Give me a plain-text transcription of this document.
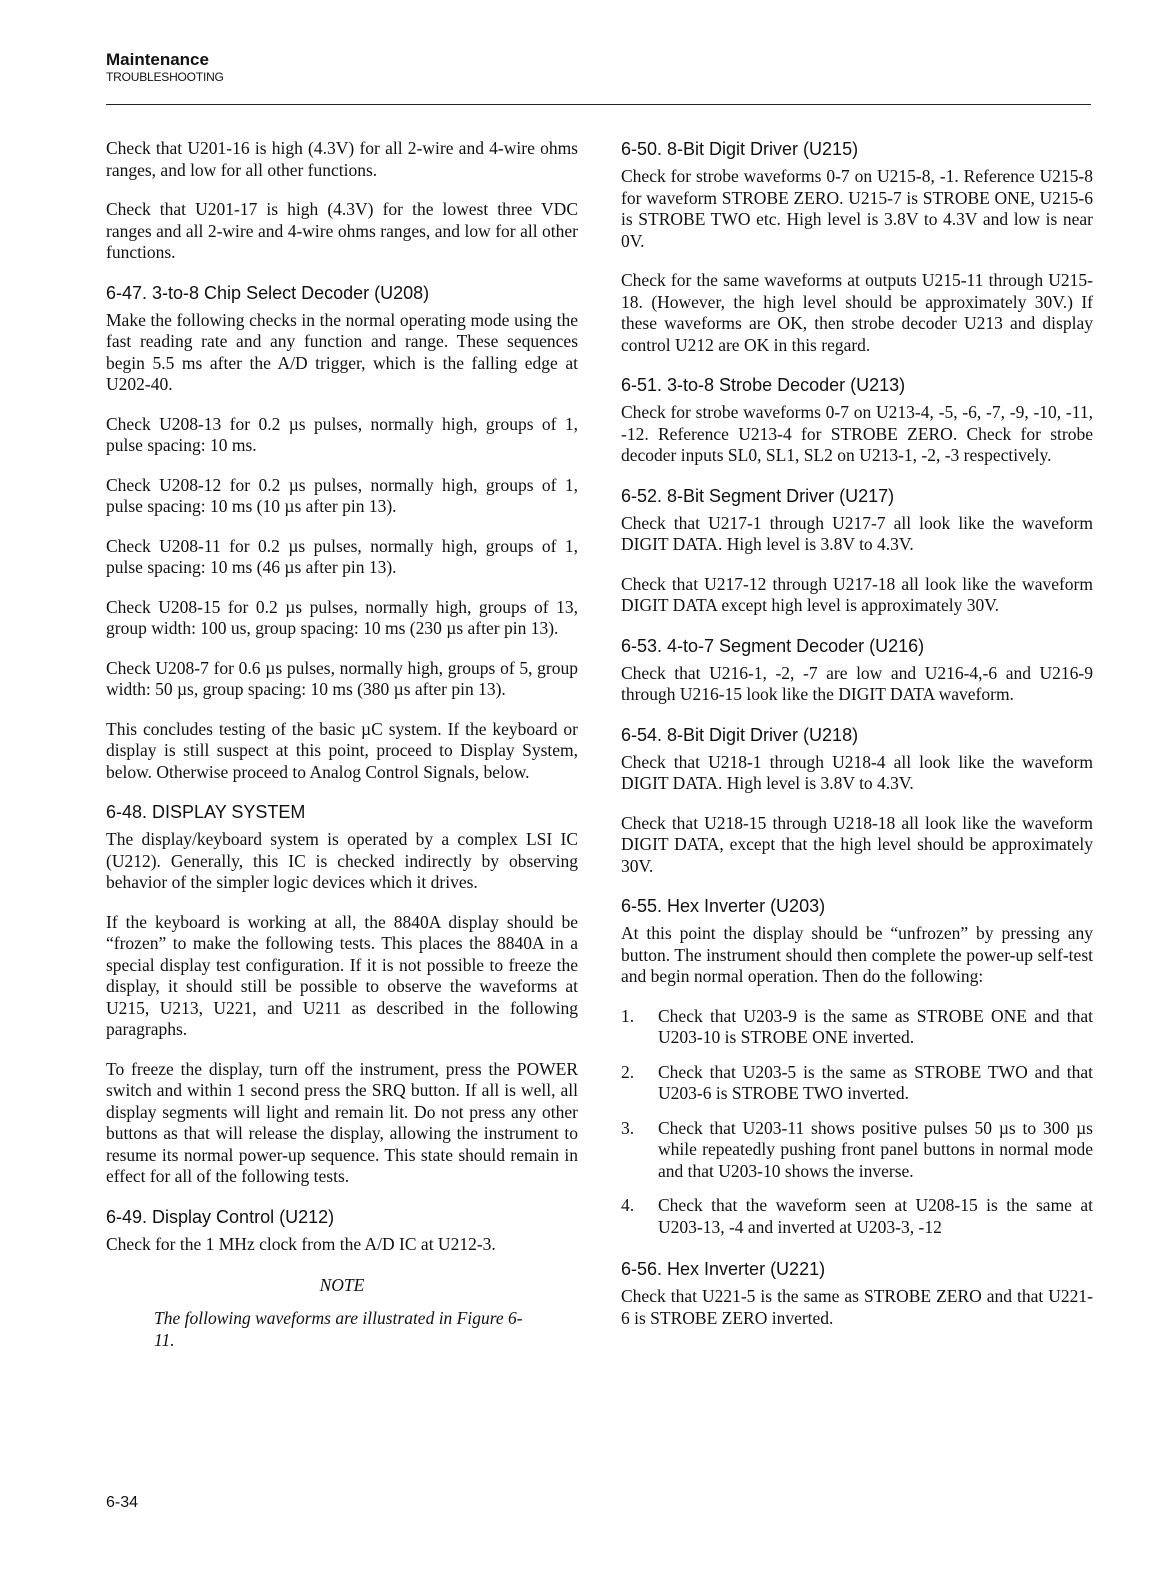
Maintenance
TROUBLESHOOTING

Check that U201-16 is high (4.3V) for all 2-wire and 4-wire ohms ranges, and low for all other functions.

Check that U201-17 is high (4.3V) for the lowest three VDC ranges and all 2-wire and 4-wire ohms ranges, and low for all other functions.

6-47. 3-to-8 Chip Select Decoder (U208)

Make the following checks in the normal operating mode using the fast reading rate and any function and range. These sequences begin 5.5 ms after the A/D trigger, which is the falling edge at U202-40.

Check U208-13 for 0.2 µs pulses, normally high, groups of 1, pulse spacing: 10 ms.

Check U208-12 for 0.2 µs pulses, normally high, groups of 1, pulse spacing: 10 ms (10 µs after pin 13).

Check U208-11 for 0.2 µs pulses, normally high, groups of 1, pulse spacing: 10 ms (46 µs after pin 13).

Check U208-15 for 0.2 µs pulses, normally high, groups of 13, group width: 100 us, group spacing: 10 ms (230 µs after pin 13).

Check U208-7 for 0.6 µs pulses, normally high, groups of 5, group width: 50 µs, group spacing: 10 ms (380 µs after pin 13).

This concludes testing of the basic µC system. If the keyboard or display is still suspect at this point, proceed to Display System, below. Otherwise proceed to Analog Control Signals, below.

6-48. DISPLAY SYSTEM

The display/keyboard system is operated by a complex LSI IC (U212). Generally, this IC is checked indirectly by observing behavior of the simpler logic devices which it drives.

If the keyboard is working at all, the 8840A display should be “frozen” to make the following tests. This places the 8840A in a special display test configuration. If it is not possible to freeze the display, it should still be possible to observe the waveforms at U215, U213, U221, and U211 as described in the following paragraphs.

To freeze the display, turn off the instrument, press the POWER switch and within 1 second press the SRQ button. If all is well, all display segments will light and remain lit. Do not press any other buttons as that will release the display, allowing the instrument to resume its normal power-up sequence. This state should remain in effect for all of the following tests.

6-49. Display Control (U212)

Check for the 1 MHz clock from the A/D IC at U212-3.

NOTE
The following waveforms are illustrated in Figure 6-11.
6-50. 8-Bit Digit Driver (U215)

Check for strobe waveforms 0-7 on U215-8, -1. Reference U215-8 for waveform STROBE ZERO. U215-7 is STROBE ONE, U215-6 is STROBE TWO etc. High level is 3.8V to 4.3V and low is near 0V.

Check for the same waveforms at outputs U215-11 through U215-18. (However, the high level should be approximately 30V.) If these waveforms are OK, then strobe decoder U213 and display control U212 are OK in this regard.

6-51. 3-to-8 Strobe Decoder (U213)

Check for strobe waveforms 0-7 on U213-4, -5, -6, -7, -9, -10, -11, -12. Reference U213-4 for STROBE ZERO. Check for strobe decoder inputs SL0, SL1, SL2 on U213-1, -2, -3 respectively.

6-52. 8-Bit Segment Driver (U217)

Check that U217-1 through U217-7 all look like the waveform DIGIT DATA. High level is 3.8V to 4.3V.

Check that U217-12 through U217-18 all look like the waveform DIGIT DATA except high level is approximately 30V.

6-53. 4-to-7 Segment Decoder (U216)

Check that U216-1, -2, -7 are low and U216-4,-6 and U216-9 through U216-15 look like the DIGIT DATA waveform.

6-54. 8-Bit Digit Driver (U218)

Check that U218-1 through U218-4 all look like the waveform DIGIT DATA. High level is 3.8V to 4.3V.

Check that U218-15 through U218-18 all look like the waveform DIGIT DATA, except that the high level should be approximately 30V.

6-55. Hex Inverter (U203)

At this point the display should be “unfrozen” by pressing any button. The instrument should then complete the power-up self-test and begin normal operation. Then do the following:

1. Check that U203-9 is the same as STROBE ONE and that U203-10 is STROBE ONE inverted.
2. Check that U203-5 is the same as STROBE TWO and that U203-6 is STROBE TWO inverted.
3. Check that U203-11 shows positive pulses 50 µs to 300 µs while repeatedly pushing front panel buttons in normal mode and that U203-10 shows the inverse.
4. Check that the waveform seen at U208-15 is the same at U203-13, -4 and inverted at U203-3, -12
6-56. Hex Inverter (U221)

Check that U221-5 is the same as STROBE ZERO and that U221-6 is STROBE ZERO inverted.

6-34
